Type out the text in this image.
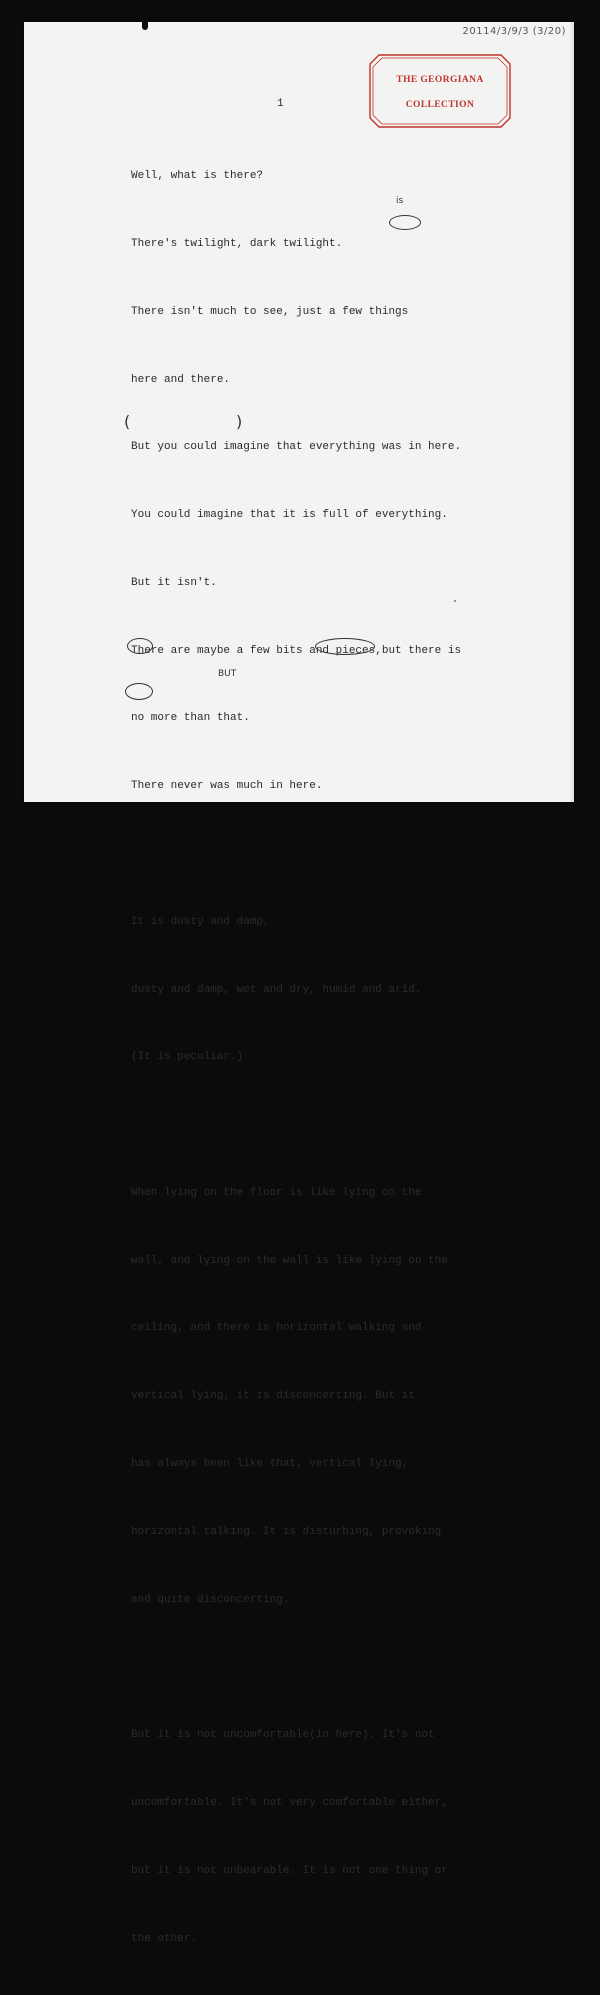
20114/3/9/3 (3/20)
THE GEORGIANA
COLLECTION
1

Well, what is there?

There's twilight, dark twilight.

There isn't much to see, just a few things

here and there.

But you could imagine that everything was in here.

You could imagine that it is full of everything.

But it isn't.

There are maybe a few bits and pieces,but there is

no more than that.

There never was much in here.

It is dusty and damp,

dusty and damp, wet and dry, humid and arid.

(It is peculiar.)

When lying on the floor is like lying on the

wall, and lying on the wall is like lying on the

ceiling, and there is horizontal walking and

vertical lying, it is disconcerting. But it

has always been like that, vertical lying,

horizontal talking. It is disturbing, provoking

and quite disconcerting.

But it is not uncomfortable(in here). It's not

uncomfortable. It's not very comfortable either,

but it is not unbearable. It is not one thing or

the other.

is
(	)
BUT
